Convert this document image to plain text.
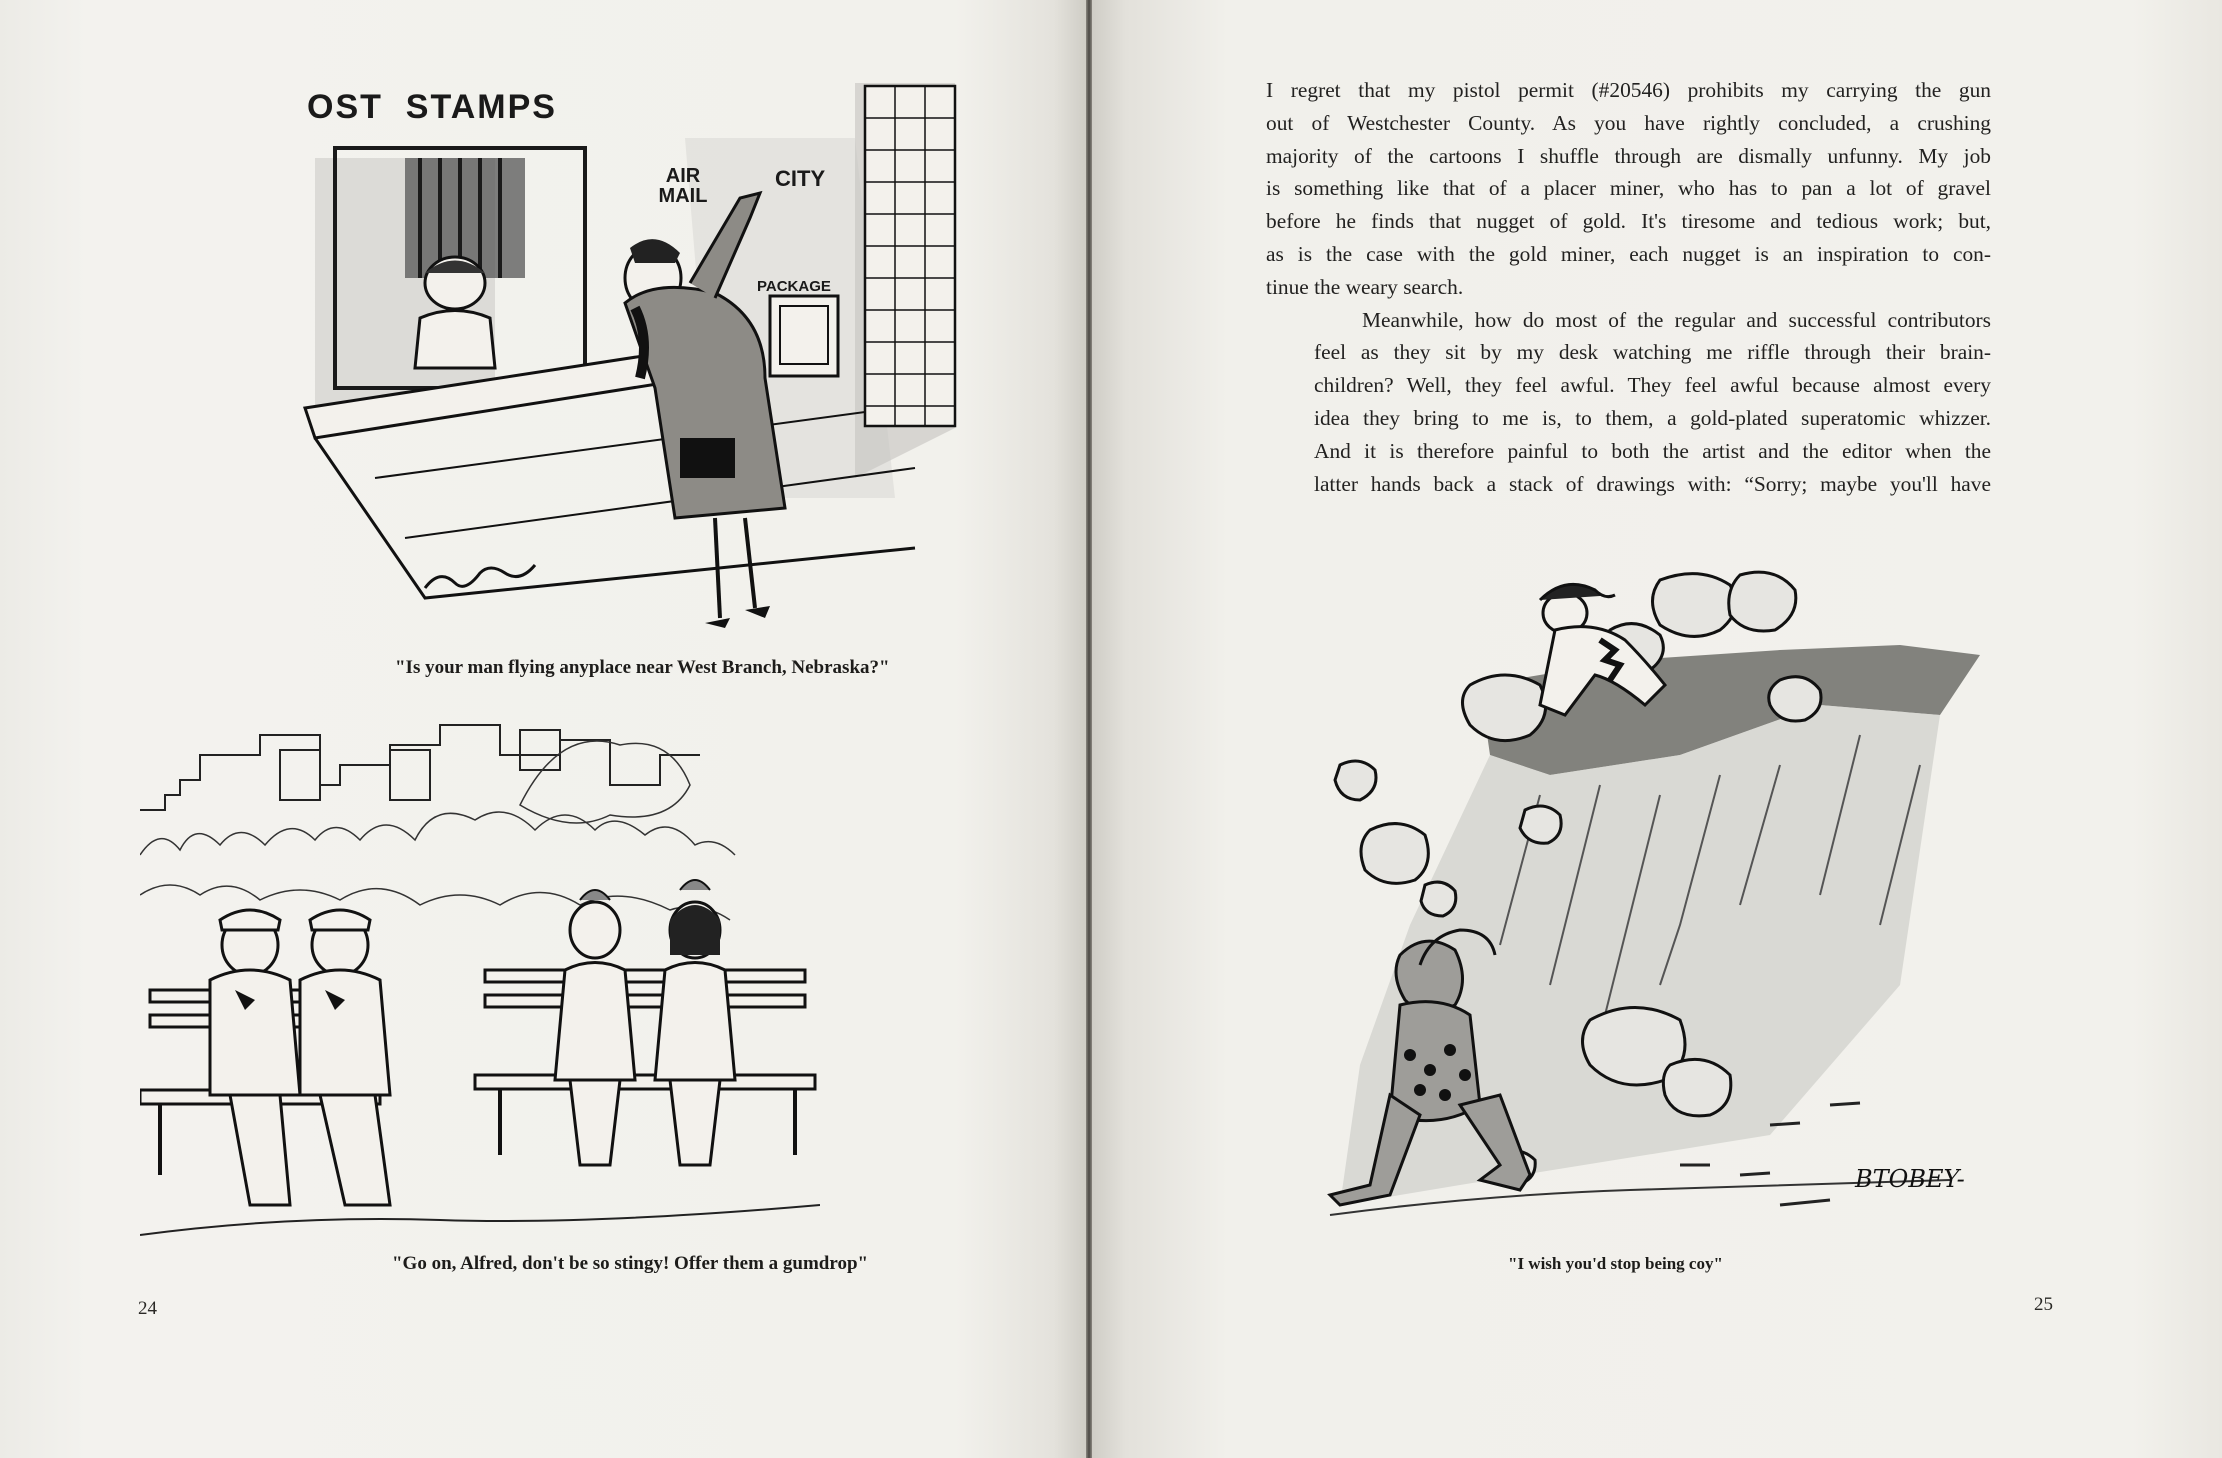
OST  STAMPS
AIR MAIL
CITY
PACKAGE
"Is your man flying anyplace near West Branch, Nebraska?"
"Go on, Alfred, don't be so stingy! Offer them a gumdrop"
24

I regret that my pistol permit (#20546) prohibits my carrying the gun
out of Westchester County. As you have rightly concluded, a crushing
majority of the cartoons I shuffle through are dismally unfunny. My job
is something like that of a placer miner, who has to pan a lot of gravel
before he finds that nugget of gold. It's tiresome and tedious work; but,
as is the case with the gold miner, each nugget is an inspiration to con-
tinue the weary search.

Meanwhile, how do most of the regular and successful contributors
feel as they sit by my desk watching me riffle through their brain-
children? Well, they feel awful. They feel awful because almost every
idea they bring to me is, to them, a gold-plated superatomic whizzer.
And it is therefore painful to both the artist and the editor when the
latter hands back a stack of drawings with: “Sorry; maybe you'll have

BTOBEY-
"I wish you'd stop being coy"
25
